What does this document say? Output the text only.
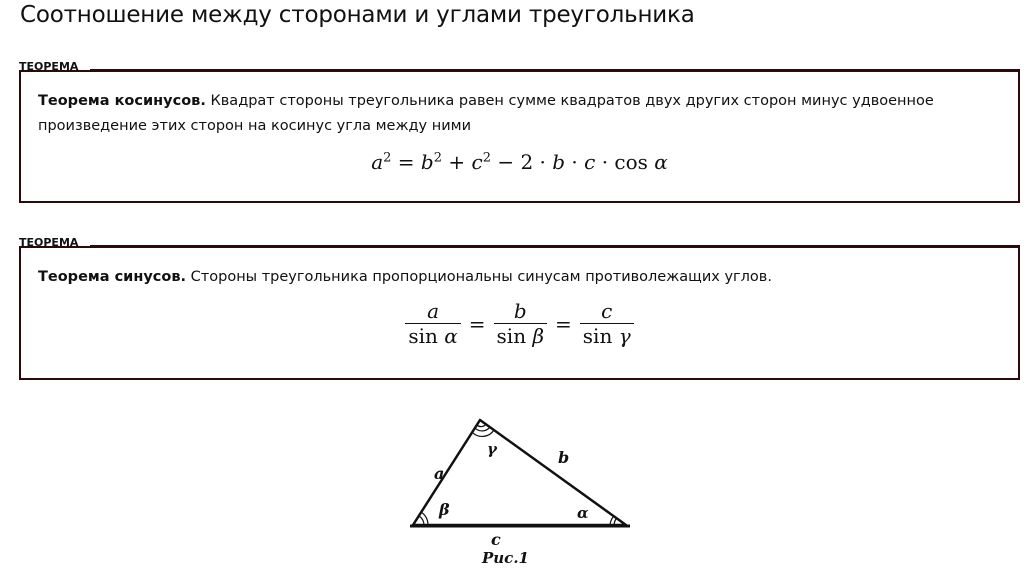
Соотношение между сторонами и углами треугольника
ТЕОРЕМА
Теорема косинусов. Квадрат стороны треугольника равен сумме квадратов двух других сторон минус удвоенное произведение этих сторон на косинус угла между ними
$a^2 = b^2 + c^2 - 2 \cdot b \cdot c \cdot \cos \alpha$
ТЕОРЕМА
Теорема синусов. Стороны треугольника пропорциональны синусам противолежащих углов.
$\frac{a}{\text{sin α}} = \frac{b}{\text{sin β}} = \frac{c}{\text{sin γ}}$
a
b
c
α
β
γ
Рис.1
